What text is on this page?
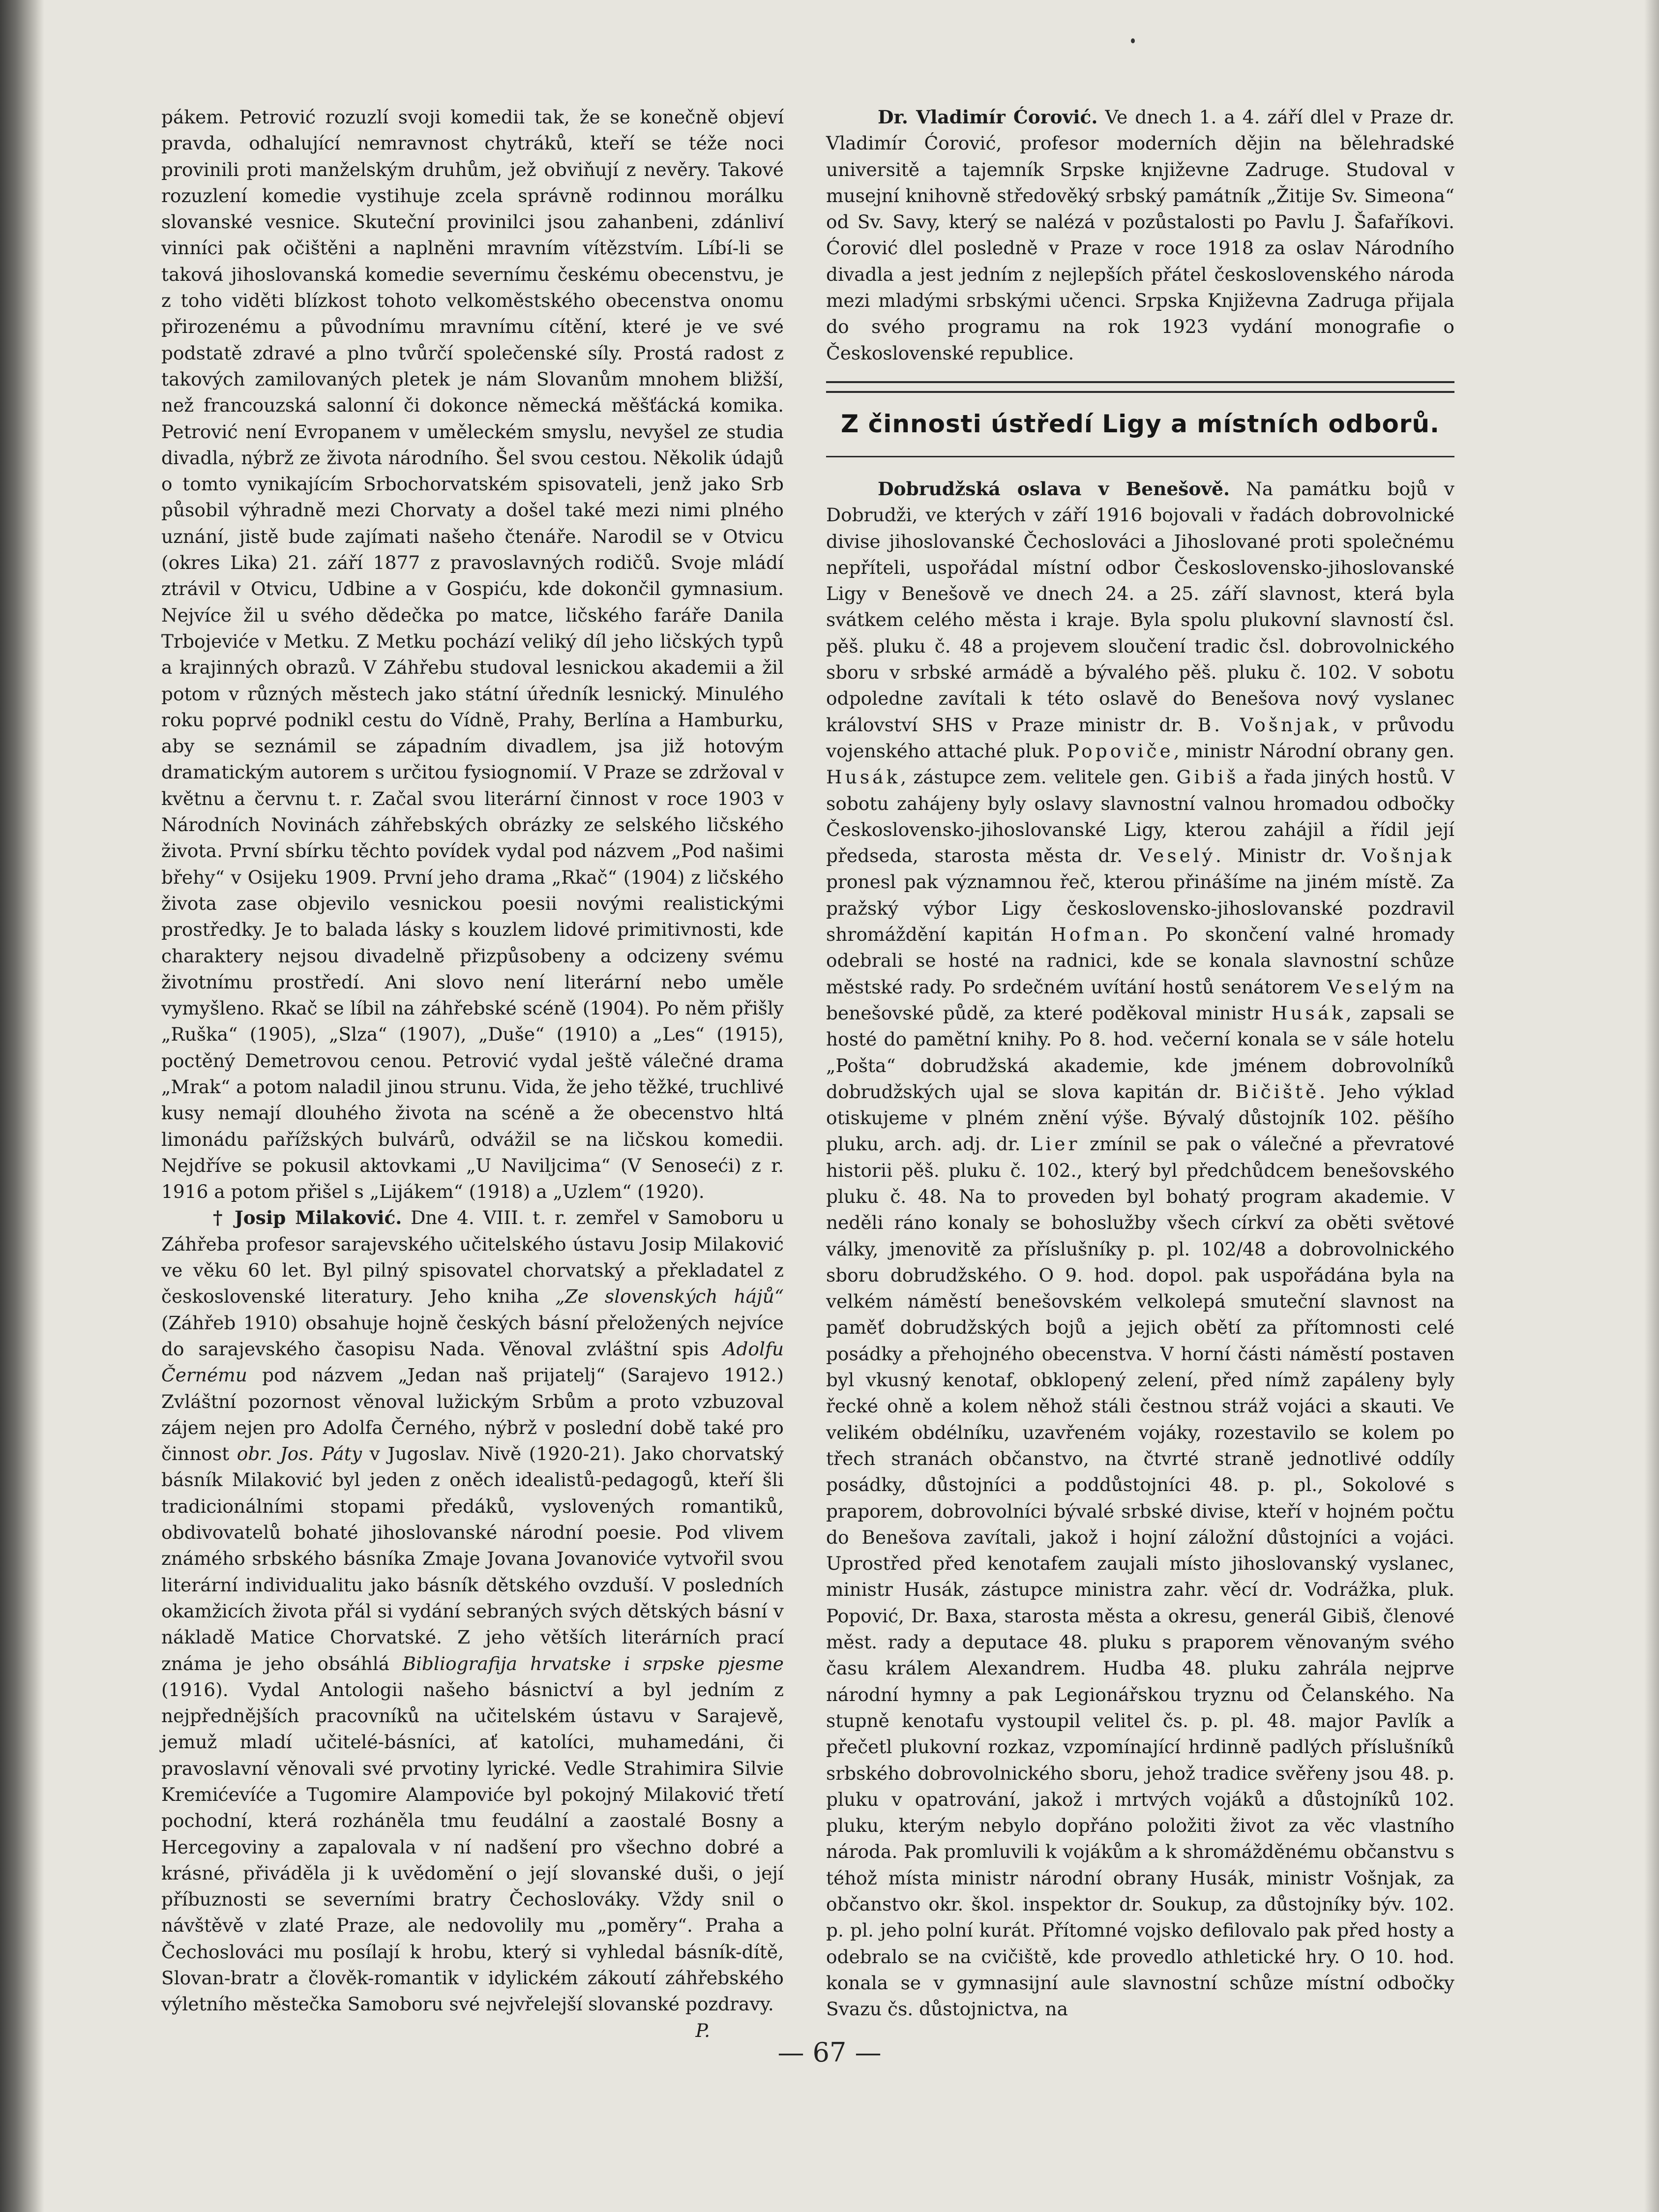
pákem. Petrović rozuzlí svoji komedii tak, že se konečně objeví pravda, odhalující nemravnost chytráků, kteří se téže noci provinili proti manželským druhům, jež obviňují z nevěry. Takové rozuzlení komedie vystihuje zcela správně rodinnou morálku slovanské vesnice. Skuteční provinilci jsou zahanbeni, zdánliví vinníci pak očištěni a naplněni mravním vítězstvím. Líbí-li se taková jihoslovanská komedie severnímu českému obecenstvu, je z toho viděti blízkost tohoto velkoměstského obecenstva onomu přirozenému a původnímu mravnímu cítění, které je ve své podstatě zdravé a plno tvůrčí společenské síly. Prostá radost z takových zamilovaných pletek je nám Slovanům mnohem bližší, než francouzská salonní či dokonce německá měšťácká komika. Petrović není Evropanem v uměleckém smyslu, nevyšel ze studia divadla, nýbrž ze života národního. Šel svou cestou. Několik údajů o tomto vynikajícím Srbochorvatském spisovateli, jenž jako Srb působil výhradně mezi Chorvaty a došel také mezi nimi plného uznání, jistě bude zajímati našeho čtenáře. Narodil se v Otvicu (okres Lika) 21. září 1877 z pravoslavných rodičů. Svoje mládí ztrávil v Otvicu, Udbine a v Gospiću, kde dokončil gymnasium. Nejvíce žil u svého dědečka po matce, ličského faráře Danila Trbojeviće v Metku. Z Metku pochází veliký díl jeho ličských typů a krajinných obrazů. V Záhřebu studoval lesnickou akademii a žil potom v různých městech jako státní úředník lesnický. Minulého roku poprvé podnikl cestu do Vídně, Prahy, Berlína a Hamburku, aby se seznámil se západním divadlem, jsa již hotovým dramatickým autorem s určitou fysiognomií. V Praze se zdržoval v květnu a červnu t. r. Začal svou literární činnost v roce 1903 v Národních Novinách záhřebských obrázky ze selského ličského života. První sbírku těchto povídek vydal pod názvem „Pod našimi břehy“ v Osijeku 1909. První jeho drama „Rkač“ (1904) z ličského života zase objevilo vesnickou poesii novými realistickými prostředky. Je to balada lásky s kouzlem lidové primitivnosti, kde charaktery nejsou divadelně přizpůsobeny a odcizeny svému životnímu prostředí. Ani slovo není literární nebo uměle vymyšleno. Rkač se líbil na záhřebské scéně (1904). Po něm přišly „Ruška“ (1905), „Slza“ (1907), „Duše“ (1910) a „Les“ (1915), poctěný Demetrovou cenou. Petrović vydal ještě válečné drama „Mrak“ a potom naladil jinou strunu. Vida, že jeho těžké, truchlivé kusy nemají dlouhého života na scéně a že obecenstvo hltá limonádu pařížských bulvárů, odvážil se na ličskou komedii. Nejdříve se pokusil aktovkami „U Naviljcima“ (V Senoseći) z r. 1916 a potom přišel s „Lijákem“ (1918) a „Uzlem“ (1920).

† Josip Milaković. Dne 4. VIII. t. r. zemřel v Samoboru u Záhřeba profesor sarajevského učitelského ústavu Josip Milaković ve věku 60 let. Byl pilný spisovatel chorvatský a překladatel z československé literatury. Jeho kniha „Ze slovenských hájů“ (Záhřeb 1910) obsahuje hojně českých básní přeložených nejvíce do sarajevského časopisu Nada. Věnoval zvláštní spis Adolfu Černému pod názvem „Jedan naš prijatelj“ (Sarajevo 1912.) Zvláštní pozornost věnoval lužickým Srbům a proto vzbuzoval zájem nejen pro Adolfa Černého, nýbrž v poslední době také pro činnost obr. Jos. Páty v Jugoslav. Nivě (1920-21). Jako chorvatský básník Milaković byl jeden z oněch idealistů-pedagogů, kteří šli tradicionálními stopami předáků, vyslovených romantiků, obdivovatelů bohaté jihoslovanské národní poesie. Pod vlivem známého srbského básníka Zmaje Jovana Jovanoviće vytvořil svou literární individualitu jako básník dětského ovzduší. V posledních okamžicích života přál si vydání sebraných svých dětských básní v nákladě Matice Chorvatské. Z jeho větších literárních prací známa je jeho obsáhlá Bibliografija hrvatske i srpske pjesme (1916). Vydal Antologii našeho básnictví a byl jedním z nejpřednějších pracovníků na učitelském ústavu v Sarajevě, jemuž mladí učitelé-básníci, ať katolíci, muhamedáni, či pravoslavní věnovali své prvotiny lyrické. Vedle Strahimira Silvie Kremićevíće a Tugomire Alampoviće byl pokojný Milaković třetí pochodní, která rozháněla tmu feudální a zaostalé Bosny a Hercegoviny a zapalovala v ní nadšení pro všechno dobré a krásné, přiváděla ji k uvědomění o její slovanské duši, o její příbuznosti se severními bratry Čechoslováky. Vždy snil o návštěvě v zlaté Praze, ale nedovolily mu „poměry“. Praha a Čechoslováci mu posílají k hrobu, který si vyhledal básník-dítě, Slovan-bratr a člověk-romantik v idylickém zákoutí záhřebského výletního městečka Samoboru své nejvřelejší slovanské pozdravy.
P.

Dr. Vladimír Ćorović. Ve dnech 1. a 4. září dlel v Praze dr. Vladimír Ćorović, profesor moderních dějin na bělehradské universitě a tajemník Srpske književne Zadruge. Studoval v musejní knihovně středověký srbský památník „Žitije Sv. Simeona“ od Sv. Savy, který se nalézá v pozůstalosti po Pavlu J. Šafaříkovi. Ćorović dlel posledně v Praze v roce 1918 za oslav Národního divadla a jest jedním z nejlepších přátel československého národa mezi mladými srbskými učenci. Srpska Književna Zadruga přijala do svého programu na rok 1923 vydání monografie o Československé republice.

Z činnosti ústředí Ligy a místních odborů.

Dobrudžská oslava v Benešově. Na památku bojů v Dobrudži, ve kterých v září 1916 bojovali v řadách dobrovolnické divise jihoslovanské Čechoslováci a Jihoslované proti společnému nepříteli, uspořádal místní odbor Československo-jihoslovanské Ligy v Benešově ve dnech 24. a 25. září slavnost, která byla svátkem celého města i kraje. Byla spolu plukovní slavností čsl. pěš. pluku č. 48 a projevem sloučení tradic čsl. dobrovolnického sboru v srbské armádě a bývalého pěš. pluku č. 102. V sobotu odpoledne zavítali k této oslavě do Benešova nový vyslanec království SHS v Praze ministr dr. B. Vošnjak, v průvodu vojenského attaché pluk. Popoviče, ministr Národní obrany gen. Husák, zástupce zem. velitele gen. Gibiš a řada jiných hostů. V sobotu zahájeny byly oslavy slavnostní valnou hromadou odbočky Československo-jihoslovanské Ligy, kterou zahájil a řídil její předseda, starosta města dr. Veselý. Ministr dr. Vošnjak pronesl pak významnou řeč, kterou přinášíme na jiném místě. Za pražský výbor Ligy československo-jihoslovanské pozdravil shromáždění kapitán Hofman. Po skončení valné hromady odebrali se hosté na radnici, kde se konala slavnostní schůze městské rady. Po srdečném uvítání hostů senátorem Veselým na benešovské půdě, za které poděkoval ministr Husák, zapsali se hosté do pamětní knihy. Po 8. hod. večerní konala se v sále hotelu „Pošta“ dobrudžská akademie, kde jménem dobrovolníků dobrudžských ujal se slova kapitán dr. Bičiště. Jeho výklad otiskujeme v plném znění výše. Bývalý důstojník 102. pěšího pluku, arch. adj. dr. Lier zmínil se pak o válečné a převratové historii pěš. pluku č. 102., který byl předchůdcem benešovského pluku č. 48. Na to proveden byl bohatý program akademie. V neděli ráno konaly se bohoslužby všech církví za oběti světové války, jmenovitě za příslušníky p. pl. 102/48 a dobrovolnického sboru dobrudžského. O 9. hod. dopol. pak uspořádána byla na velkém náměstí benešovském velkolepá smuteční slavnost na paměť dobrudžských bojů a jejich obětí za přítomnosti celé posádky a přehojného obecenstva. V horní části náměstí postaven byl vkusný kenotaf, obklopený zelení, před nímž zapáleny byly řecké ohně a kolem něhož stáli čestnou stráž vojáci a skauti. Ve velikém obdélníku, uzavřeném vojáky, rozestavilo se kolem po třech stranách občanstvo, na čtvrté straně jednotlivé oddíly posádky, důstojníci a poddůstojníci 48. p. pl., Sokolové s praporem, dobrovolníci bývalé srbské divise, kteří v hojném počtu do Benešova zavítali, jakož i hojní záložní důstojníci a vojáci. Uprostřed před kenotafem zaujali místo jihoslovanský vyslanec, ministr Husák, zástupce ministra zahr. věcí dr. Vodrážka, pluk. Popović, Dr. Baxa, starosta města a okresu, generál Gibiš, členové měst. rady a deputace 48. pluku s praporem věnovaným svého času králem Alexandrem. Hudba 48. pluku zahrála nejprve národní hymny a pak Legionářskou tryznu od Čelanského. Na stupně kenotafu vystoupil velitel čs. p. pl. 48. major Pavlík a přečetl plukovní rozkaz, vzpomínající hrdinně padlých příslušníků srbského dobrovolnického sboru, jehož tradice svěřeny jsou 48. p. pluku v opatrování, jakož i mrtvých vojáků a důstojníků 102. pluku, kterým nebylo dopřáno položiti život za věc vlastního národa. Pak promluvili k vojákům a k shromážděnému občanstvu s téhož místa ministr národní obrany Husák, ministr Vošnjak, za občanstvo okr. škol. inspektor dr. Soukup, za důstojníky býv. 102. p. pl. jeho polní kurát. Přítomné vojsko defilovalo pak před hosty a odebralo se na cvičiště, kde provedlo athletické hry. O 10. hod. konala se v gymnasijní aule slavnostní schůze místní odbočky Svazu čs. důstojnictva, na

— 67 —
